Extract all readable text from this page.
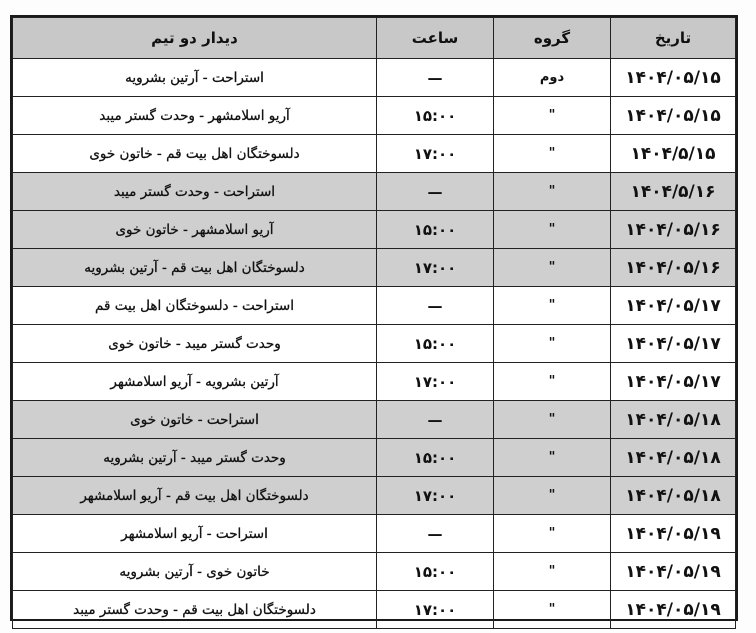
تاریخ	گروه	ساعت	دیدار دو تیم
۱۴۰۴/۰۵/۱۵	دوم	—	استراحت - آرتین بشرویه
۱۴۰۴/۰۵/۱۵	"	۱۵:۰۰	آریو اسلامشهر - وحدت گستر میبد
۱۴۰۴/۵/۱۵	"	۱۷:۰۰	دلسوختگان اهل بیت قم - خاتون خوی
۱۴۰۴/۵/۱۶	"	—	استراحت - وحدت گستر میبد
۱۴۰۴/۰۵/۱۶	"	۱۵:۰۰	آریو اسلامشهر - خاتون خوی
۱۴۰۴/۰۵/۱۶	"	۱۷:۰۰	دلسوختگان اهل بیت قم - آرتین بشرویه
۱۴۰۴/۰۵/۱۷	"	—	استراحت - دلسوختگان اهل بیت قم
۱۴۰۴/۰۵/۱۷	"	۱۵:۰۰	وحدت گستر میبد - خاتون خوی
۱۴۰۴/۰۵/۱۷	"	۱۷:۰۰	آرتین بشرویه - آریو اسلامشهر
۱۴۰۴/۰۵/۱۸	"	—	استراحت - خاتون خوی
۱۴۰۴/۰۵/۱۸	"	۱۵:۰۰	وحدت گستر میبد - آرتین بشرویه
۱۴۰۴/۰۵/۱۸	"	۱۷:۰۰	دلسوختگان اهل بیت قم - آریو اسلامشهر
۱۴۰۴/۰۵/۱۹	"	—	استراحت - آریو اسلامشهر
۱۴۰۴/۰۵/۱۹	"	۱۵:۰۰	خاتون خوی - آرتین بشرویه
۱۴۰۴/۰۵/۱۹	"	۱۷:۰۰	دلسوختگان اهل بیت قم - وحدت گستر میبد
